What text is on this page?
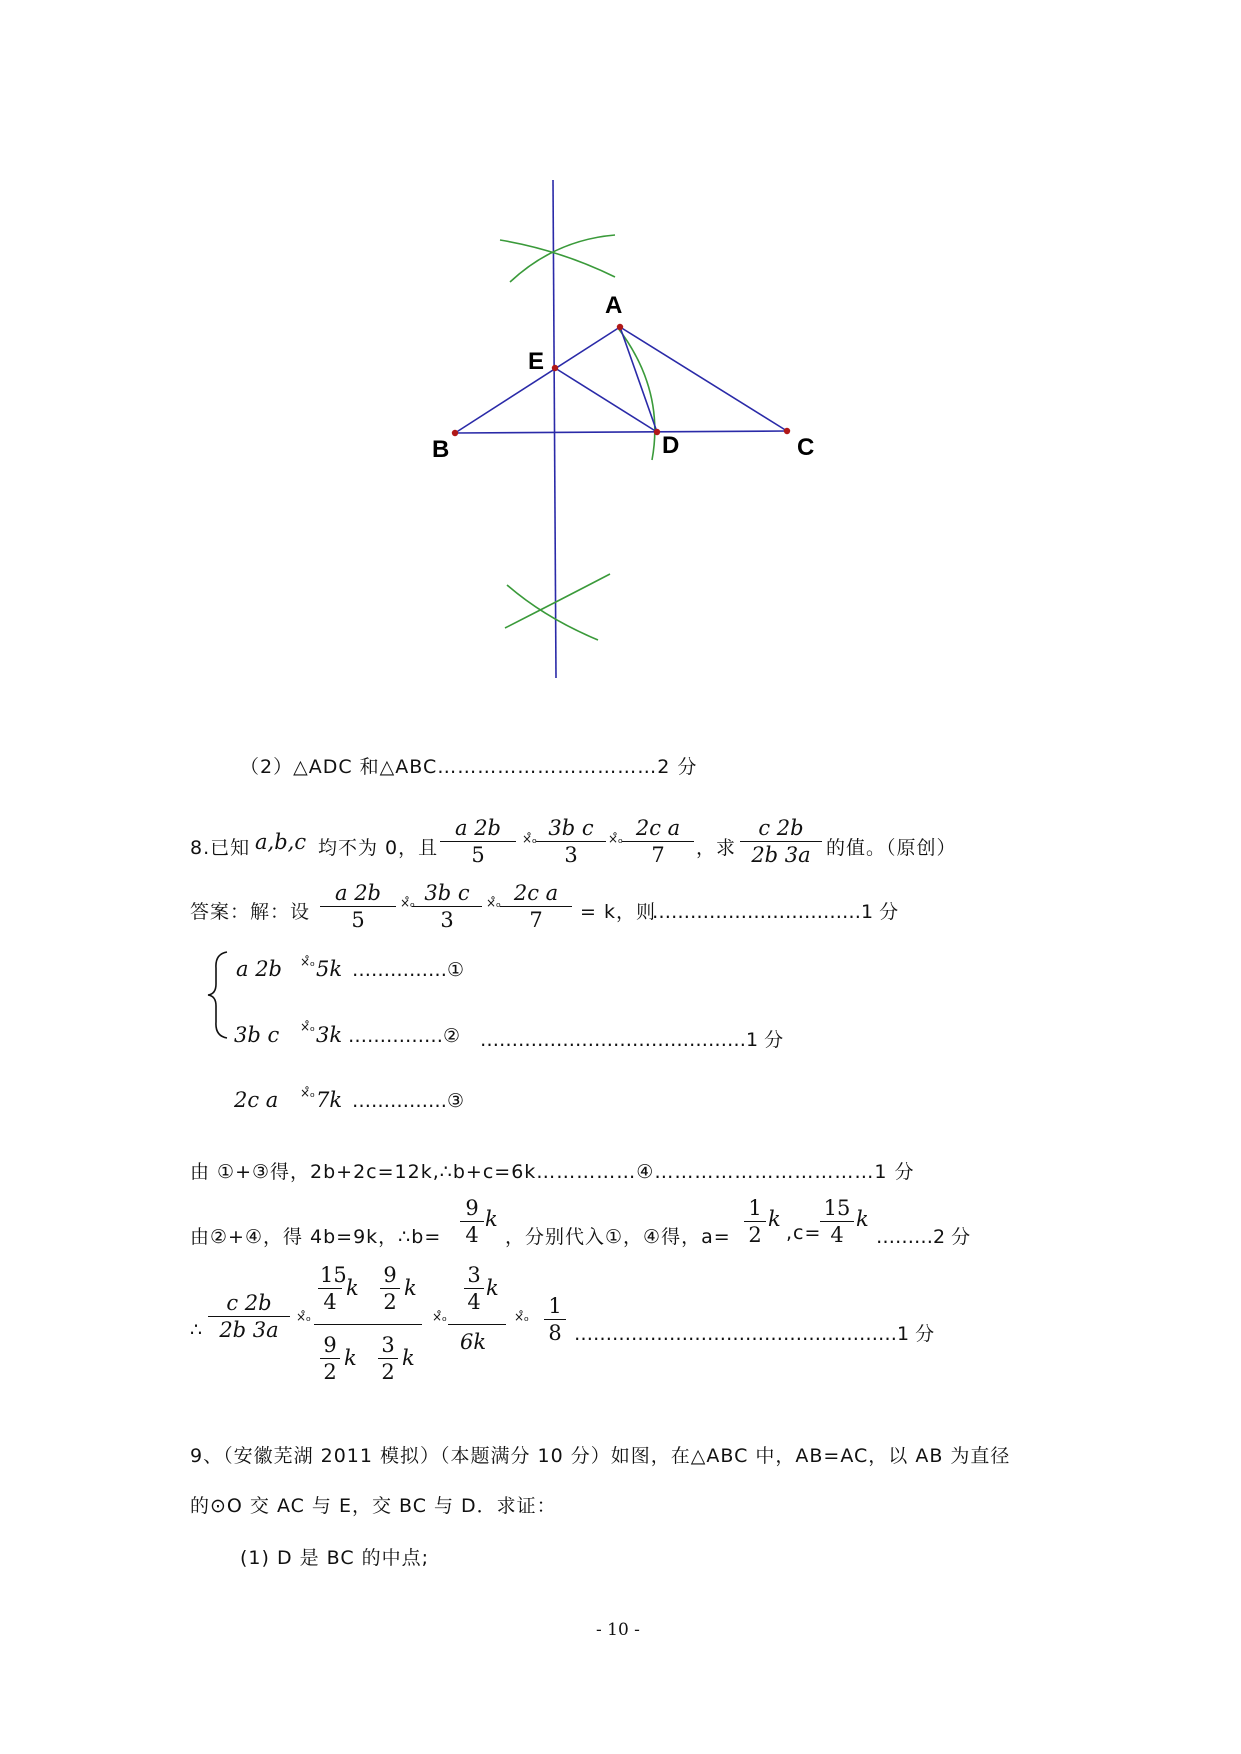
A
B	C
D
E
（2）△ADC 和△ABC……………………………2 分
8.已知 a,b,c 均不为 0，且 $\frac{a 2b}{5}$ ×̊ₒ
$\frac{\text{3b c}}{3}$ ×̊ₒ
$\frac{\text{2c a}}{7}$ ，求 $\frac{c 2b}{2b 3a}$ 的值。（原创）
答案：解：设 $\frac{a 2b}{5}$ ×̊ₒ
$\frac{\text{3b c}}{3}$ ×̊ₒ
$\frac{\text{2c a}}{7} = k$，则
……………………………1 分
a 2b ×̊ₒ 5k ……………①
3b c ×̊ₒ 3k ……………② ……………………………………1 分
2c a ×̊ₒ 7k ……………③
由 ①+③得，2b+2c=12k,∴b+c=6k……………④……………………………1 分
由②+④，得 4b=9k，∴b= $\frac{9}{4}$ k
，分别代入①，④得，$a= \frac{1}{2}$ k
,c=
$\frac{15}{4}$ k
………2 分
∴ $\frac{c 2b}{2b 3a}$ ×̊ₒ
$\frac{15}{4}$ k $\frac{9}{2}$ k
$\frac{9}{2}$ k $\frac{3}{2}$ k
×̊ₒ
$\frac{3}{4}$ k
6k
×̊ₒ $\frac{1}{8}$ ……………………………………………1 分
9、（安徽芜湖 2011 模拟）（本题满分 10 分）如图，在△ABC 中，AB=AC，以 AB 为直径
的⊙O 交 AC 与 E，交 BC 与 D．求证：
(1) D 是 BC 的中点;
- 10 -
